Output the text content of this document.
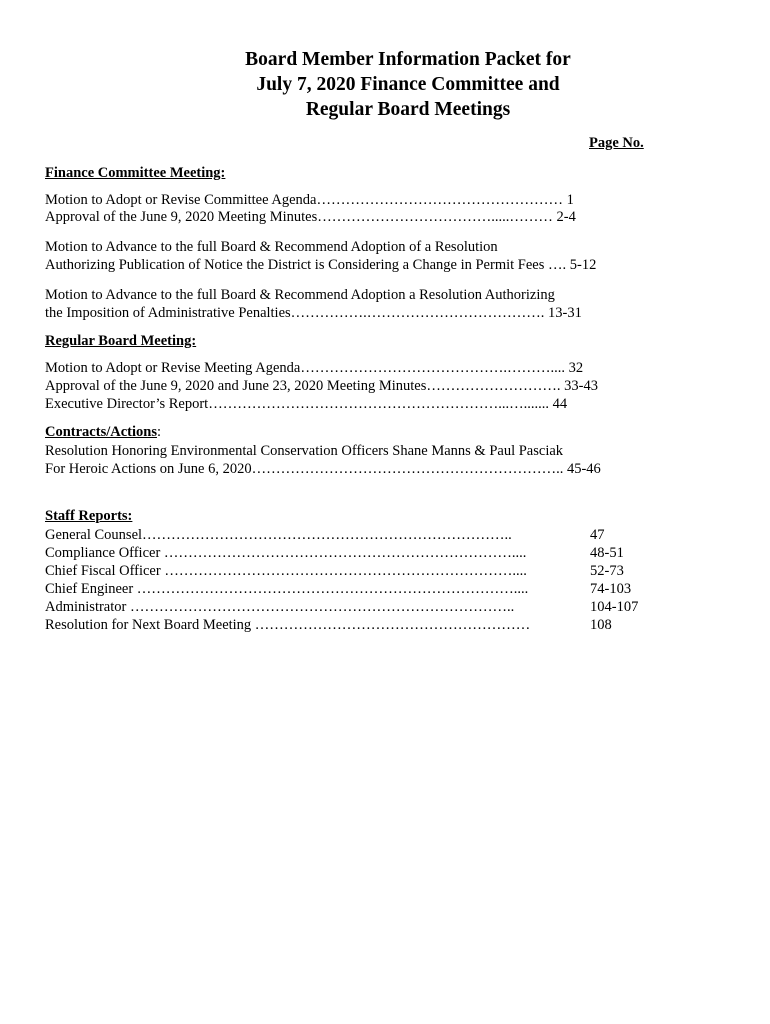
Board Member Information Packet for
July 7, 2020 Finance Committee and
Regular Board Meetings
Page No.
Finance Committee Meeting:
Motion to Adopt or Revise Committee Agenda…………………………………………… 1
Approval of the June 9, 2020 Meeting Minutes……………………………….....……… 2-4
Motion to Advance to the full Board & Recommend Adoption of a Resolution
Authorizing Publication of Notice the District is Considering a Change in Permit Fees …. 5-12
Motion to Advance to the full Board & Recommend Adoption a Resolution Authorizing
the Imposition of Administrative Penalties…………….………………………………. 13-31
Regular Board Meeting:
Motion to Adopt or Revise Meeting Agenda…………………………………….……….... 32
Approval of the June 9, 2020 and June 23, 2020 Meeting Minutes………………………. 33-43
Executive Director’s Report……………………………………………………...…....... 44
Contracts/Actions:
Resolution Honoring Environmental Conservation Officers Shane Manns & Paul Pasciak
For Heroic Actions on June 6, 2020……………………………………………………….. 45-46
Staff Reports:
General Counsel…………………………………………………………………..	47
Compliance Officer ………………………………………………………………....	48-51
Chief Fiscal Officer ………………………………………………………………....	52-73
Chief Engineer ……………………………………………………………………....	74-103
Administrator ……………………………………………………………………..	104-107
Resolution for Next Board Meeting …………………………………………………	108
